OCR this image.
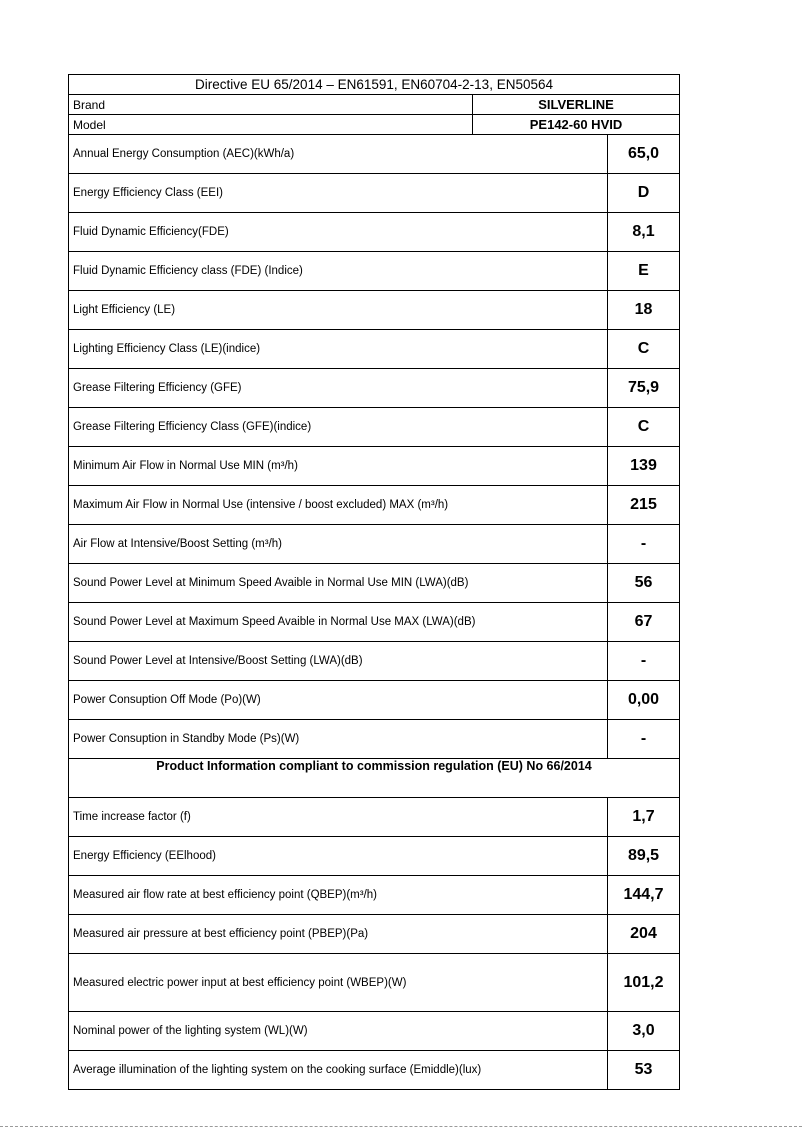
Directive EU 65/2014 – EN61591, EN60704-2-13, EN50564		
Brand	SILVERLINE	
Model	PE142-60 HVID	
Annual Energy Consumption (AEC)(kWh/a)		65,0
Energy Efficiency Class (EEI)		D
Fluid Dynamic Efficiency(FDE)		8,1
Fluid Dynamic Efficiency class (FDE) (Indice)		E
Light Efficiency (LE)		18
Lighting Efficiency Class (LE)(indice)		C
Grease Filtering Efficiency (GFE)		75,9
Grease Filtering Efficiency Class (GFE)(indice)		C
Minimum Air Flow in Normal Use MIN (m³/h)		139
Maximum Air Flow in Normal Use (intensive / boost excluded) MAX (m³/h)		215
Air Flow at Intensive/Boost Setting (m³/h)		-
Sound Power Level at Minimum Speed Avaible in Normal Use MIN (LWA)(dB)		56
Sound Power Level at Maximum Speed Avaible in Normal Use MAX (LWA)(dB)		67
Sound Power Level at Intensive/Boost Setting (LWA)(dB)		-
Power Consuption Off Mode (Po)(W)		0,00
Power Consuption in Standby Mode (Ps)(W)		-
Product Information compliant to commission regulation (EU) No 66/2014		
Time increase factor (f)		1,7
Energy Efficiency (EElhood)		89,5
Measured air flow rate at best efficiency point (QBEP)(m³/h)		144,7
Measured air pressure at best efficiency point (PBEP)(Pa)		204
Measured electric power input at best efficiency point (WBEP)(W)		101,2
Nominal power of the lighting system (WL)(W)		3,0
Average illumination of the lighting system on the cooking surface (Emiddle)(lux)		53
